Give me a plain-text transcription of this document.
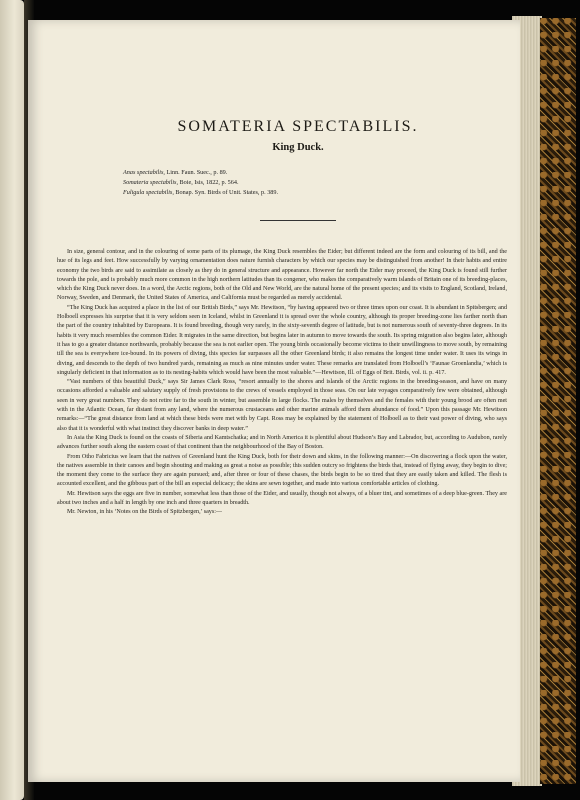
SOMATERIA SPECTABILIS.
King Duck.
Anas spectabilis, Linn. Faun. Suec., p. 89.
Somateria spectabilis, Boie, Isis, 1822, p. 564.
Fuligula spectabilis, Bonap. Syn. Birds of Unit. States, p. 389.

In size, general contour, and in the colouring of some parts of its plumage, the King Duck resembles the Eider; but different indeed are the form and colouring of its bill, and the hue of its legs and feet. How successfully by varying ornamentation does nature furnish characters by which our species may be distinguished from another! In their habits and entire economy the two birds are said to assimilate as closely as they do in general structure and appearance. However far north the Eider may proceed, the King Duck is found still further towards the pole, and is probably much more common in the high northern latitudes than its congener, who makes the comparatively warm islands of Britain one of its breeding-places, which the King Duck never does. In a word, the Arctic regions, both of the Old and New World, are the natural home of the present species; and its visits to England, Scotland, Ireland, Norway, Sweden, and Denmark, the United States of America, and California must be regarded as merely accidental.

“The King Duck has acquired a place in the list of our British Birds,” says Mr. Hewitson, “by having appeared two or three times upon our coast. It is abundant in Spitsbergen; and Holboell expresses his surprise that it is very seldom seen in Iceland, whilst in Greenland it is spread over the whole country, although its proper breeding-zone lies farther north than the part of the country inhabited by Europeans. It is found breeding, though very rarely, in the sixty-seventh degree of latitude, but is not numerous south of seventy-three degrees. In its habits it very much resembles the common Eider. It migrates in the same direction, but begins later in autumn to move towards the south. Its spring migration also begins later, although it has to go a greater distance northwards, probably because the sea is not earlier open. The young birds occasionally become victims to their unwillingness to move south, by remaining till the sea is everywhere ice-bound. In its powers of diving, this species far surpasses all the other Greenland birds; it also remains the longest time under water. It uses its wings in diving, and descends to the depth of two hundred yards, remaining as much as nine minutes under water. These remarks are translated from Holboell’s ‘Faunae Groenlandia,’ which is singularly deficient in that information as to its nesting-habits which would have been the most valuable.”—Hewitson, Ill. of Eggs of Brit. Birds, vol. ii. p. 417.

“Vast numbers of this beautiful Duck,” says Sir James Clark Ross, “resort annually to the shores and islands of the Arctic regions in the breeding-season, and have on many occasions afforded a valuable and salutary supply of fresh provisions to the crews of vessels employed in those seas. On our late voyages comparatively few were obtained, although seen in very great numbers. They do not retire far to the south in winter, but assemble in large flocks. The males by themselves and the females with their young brood are often met with in the Atlantic Ocean, far distant from any land, where the numerous crustaceans and other marine animals afford them abundance of food.” Upon this passage Mr. Hewitson remarks:—“The great distance from land at which these birds were met with by Capt. Ross may be explained by the statement of Holboell as to their vast power of diving, who says also that it is wonderful with what instinct they discover banks in deep water.”

In Asia the King Duck is found on the coasts of Siberia and Kamtschatka; and in North America it is plentiful about Hudson’s Bay and Labrador, but, according to Audubon, rarely advances further south along the eastern coast of that continent than the neighbourhood of the Bay of Boston.

From Otho Fabricius we learn that the natives of Greenland hunt the King Duck, both for their down and skins, in the following manner:—On discovering a flock upon the water, the natives assemble in their canoes and begin shouting and making as great a noise as possible; this sudden outcry so frightens the birds that, instead of flying away, they begin to dive; the moment they come to the surface they are again pursued; and, after three or four of these chases, the birds begin to be so tired that they are easily taken and killed. The flesh is accounted excellent, and the gibbous part of the bill an especial delicacy; the skins are sewn together, and made into various comfortable articles of clothing.

Mr. Hewitson says the eggs are five in number, somewhat less than those of the Eider, and usually, though not always, of a bluer tint, and sometimes of a deep blue-green. They are about two inches and a half in length by one inch and three quarters in breadth.

Mr. Newton, in his ‘Notes on the Birds of Spitzbergen,’ says:—
